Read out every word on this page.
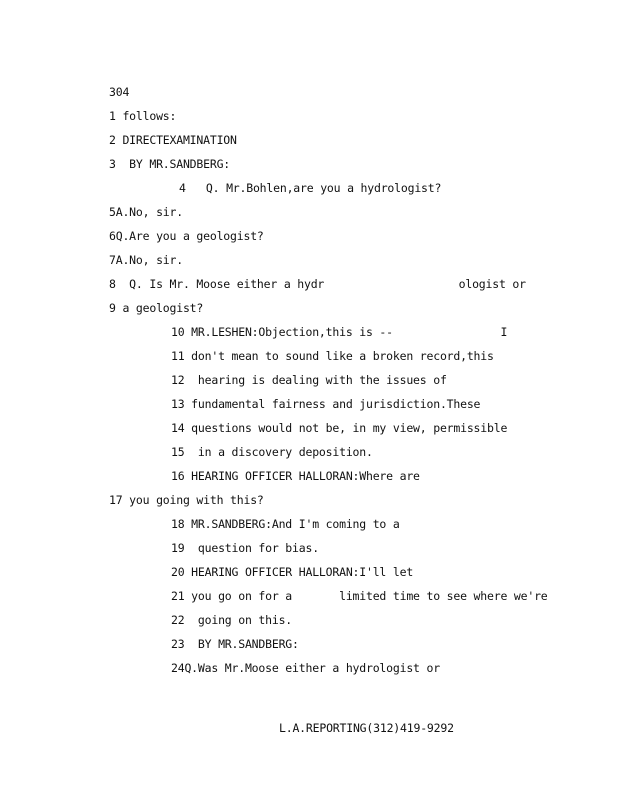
304
1 follows:
2 DIRECTEXAMINATION
3  BY MR.SANDBERG:
4   Q. Mr.Bohlen,are you a hydrologist?
5A.No, sir.
6Q.Are you a geologist?
7A.No, sir.
8  Q. Is Mr. Moose either a hydr                    ologist or
9 a geologist?
10 MR.LESHEN:Objection,this is --                I
11 don't mean to sound like a broken record,this
12  hearing is dealing with the issues of
13 fundamental fairness and jurisdiction.These
14 questions would not be, in my view, permissible
15  in a discovery deposition.
16 HEARING OFFICER HALLORAN:Where are
17 you going with this?
18 MR.SANDBERG:And I'm coming to a
19  question for bias.
20 HEARING OFFICER HALLORAN:I'll let
21 you go on for a       limited time to see where we're
22  going on this.
23  BY MR.SANDBERG:
24Q.Was Mr.Moose either a hydrologist or
L.A.REPORTING(312)419-9292
